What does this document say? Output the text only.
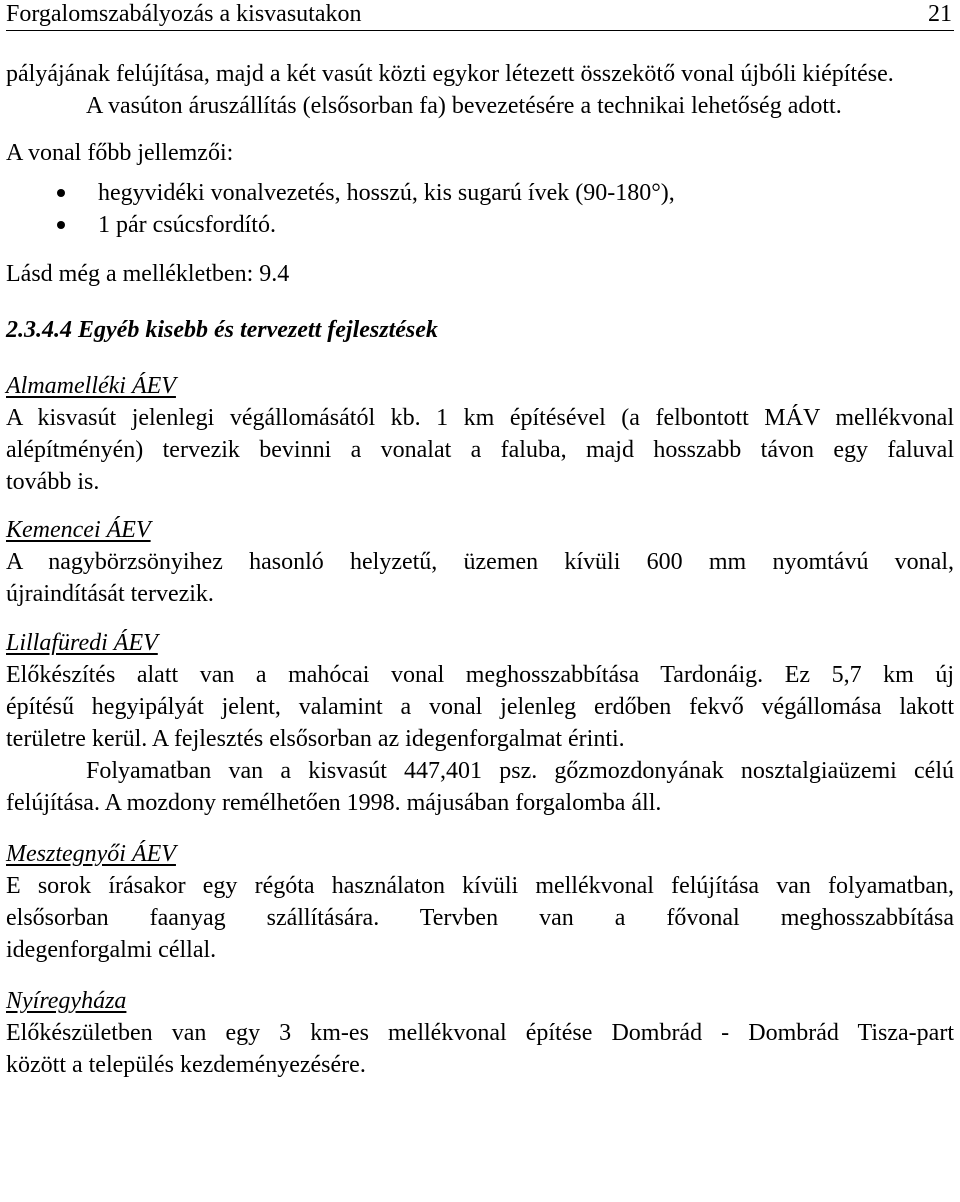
Forgalomszabályozás a kisvasutakon	21

pályájának felújítása, majd a két vasút közti egykor létezett összekötő vonal újbóli kiépítése.

A vasúton áruszállítás (elsősorban fa) bevezetésére a technikai lehetőség adott.

A vonal főbb jellemzői:

hegyvidéki vonalvezetés, hosszú, kis sugarú ívek (90-180°),
1 pár csúcsfordító.

Lásd még a mellékletben: 9.4

2.3.4.4 Egyéb kisebb és tervezett fejlesztések

Almamelléki ÁEV

A kisvasút jelenlegi végállomásától kb. 1 km építésével (a felbontott MÁV mellékvonal

alépítményén) tervezik bevinni a vonalat a faluba, majd hosszabb távon egy faluval

tovább is.

Kemencei ÁEV

A nagybörzsönyihez hasonló helyzetű, üzemen kívüli 600 mm nyomtávú vonal,

újraindítását tervezik.

Lillafüredi ÁEV

Előkészítés alatt van a mahócai vonal meghosszabbítása Tardonáig. Ez 5,7 km új

építésű hegyipályát jelent, valamint a vonal jelenleg erdőben fekvő végállomása lakott

területre kerül. A fejlesztés elsősorban az idegenforgalmat érinti.

Folyamatban van a kisvasút 447,401 psz. gőzmozdonyának nosztalgiaüzemi célú

felújítása. A mozdony remélhetően 1998. májusában forgalomba áll.

Mesztegnyői ÁEV

E sorok írásakor egy régóta használaton kívüli mellékvonal felújítása van folyamatban,

elsősorban faanyag szállítására. Tervben van a fővonal meghosszabbítása

idegenforgalmi céllal.

Nyíregyháza

Előkészületben van egy 3 km-es mellékvonal építése Dombrád - Dombrád Tisza-part

között a település kezdeményezésére.
